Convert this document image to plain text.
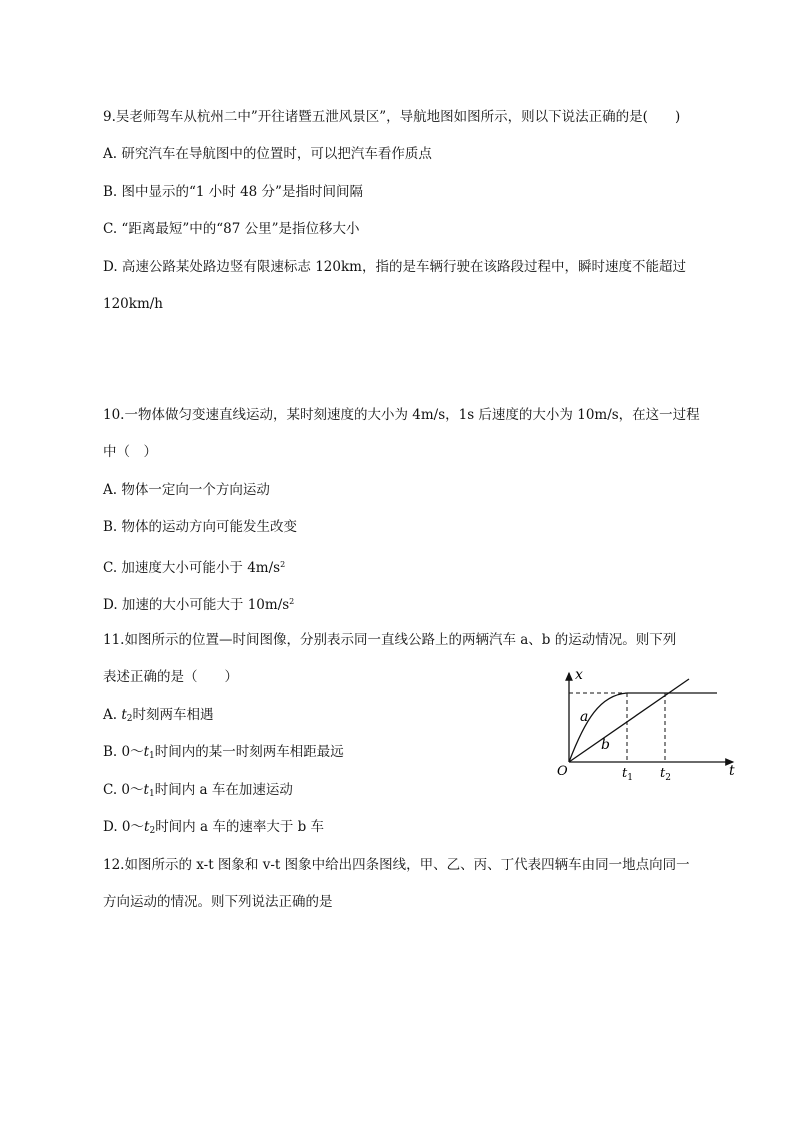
9.吴老师驾车从杭州二中”开往诸暨五泄风景区”，导航地图如图所示，则以下说法正确的是(　　)
A. 研究汽车在导航图中的位置时，可以把汽车看作质点
B. 图中显示的“1 小时 48 分”是指时间间隔
C. “距离最短”中的“87 公里”是指位移大小
D. 高速公路某处路边竖有限速标志 120km，指的是车辆行驶在该路段过程中，瞬时速度不能超过
120km/h
10.一物体做匀变速直线运动，某时刻速度的大小为 4m/s，1s 后速度的大小为 10m/s，在这一过程
中（　）
A. 物体一定向一个方向运动
B. 物体的运动方向可能发生改变
C. 加速度大小可能小于 $4m/s^2$
D. 加速的大小可能大于 $10m/s^2$
11.如图所示的位置—时间图像，分别表示同一直线公路上的两辆汽车 a、b 的运动情况。则下列
表述正确的是（　　）
A. $t_2$时刻两车相遇
B. $0\sim t_1$时间内的某一时刻两车相距最远
C. $0\sim t_1$时间内 a 车在加速运动
D. $0\sim t_2$时间内 a 车的速率大于 b 车
x
t
O
a
b
$t_1$ $t_2$
12.如图所示的 x-t 图象和 v-t 图象中给出四条图线，甲、乙、丙、丁代表四辆车由同一地点向同一
方向运动的情况。则下列说法正确的是
